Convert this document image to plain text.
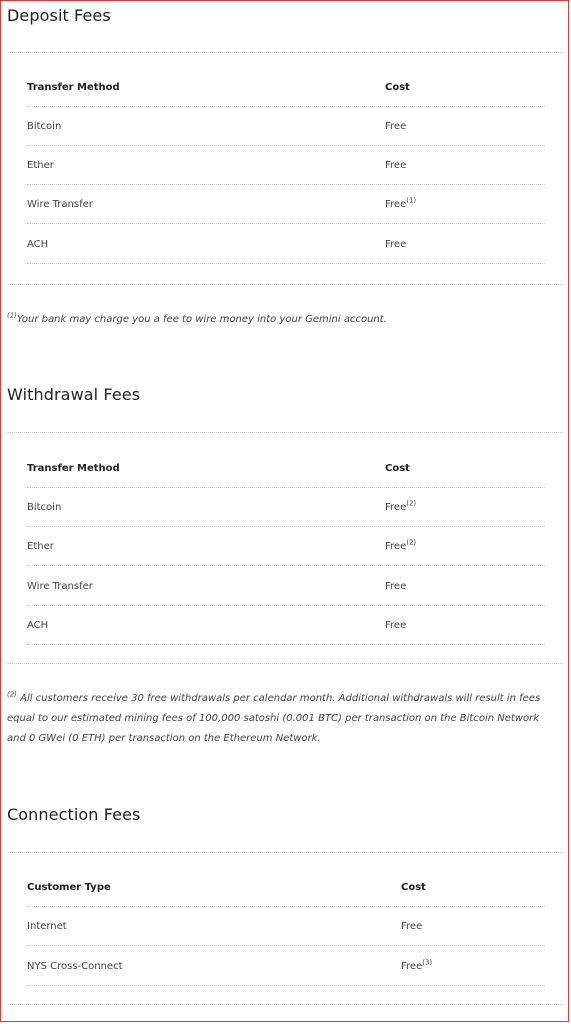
Deposit Fees
Transfer Method	Cost
Bitcoin	Free
Ether	Free
Wire Transfer	Free$^{(1)}$
ACH	Free

$^{(1)}$Your bank may charge you a fee to wire money into your Gemini account.

Withdrawal Fees
Transfer Method	Cost
Bitcoin	Free$^{(2)}$
Ether	Free$^{(2)}$
Wire Transfer	Free
ACH	Free

$^{(2)}$ All customers receive 30 free withdrawals per calendar month. Additional withdrawals will result in fees equal to our estimated mining fees of 100,000 satoshi (0.001 BTC) per transaction on the Bitcoin Network and 0 GWei (0 ETH) per transaction on the Ethereum Network.

Connection Fees
Customer Type	Cost
Internet	Free
NYS Cross-Connect	Free$^{(3)}$
